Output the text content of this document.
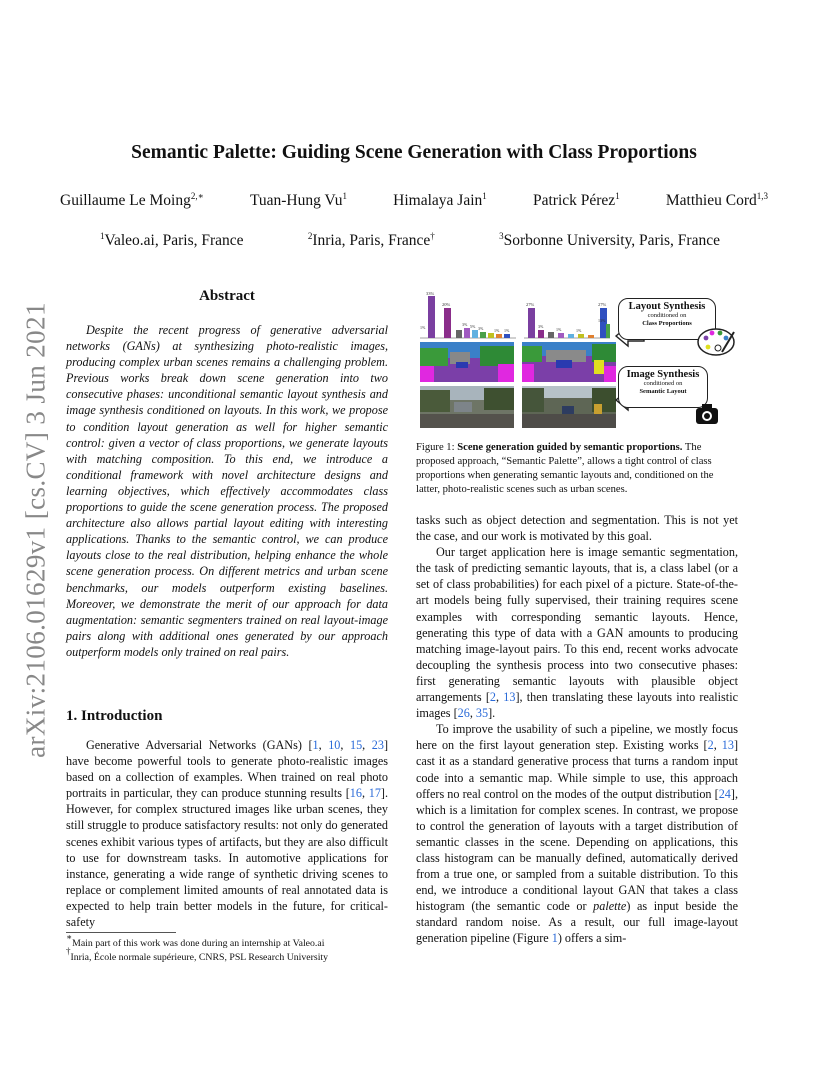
arXiv:2106.01629v1 [cs.CV] 3 Jun 2021
Semantic Palette: Guiding Scene Generation with Class Proportions
Guillaume Le Moing$^{2,∗}$	Tuan-Hung Vu$^1$	Himalaya Jain$^1$	Patrick Pérez$^1$	Matthieu Cord$^{1,3}$
$^1$Valeo.ai, Paris, France	$^2$Inria, Paris, France†	$^3$Sorbonne University, Paris, France
Abstract
Despite the recent progress of generative adversarial networks (GANs) at synthesizing photo-realistic images, producing complex urban scenes remains a challenging problem. Previous works break down scene generation into two consecutive phases: unconditional semantic layout synthesis and image synthesis conditioned on layouts. In this work, we propose to condition layout generation as well for higher semantic control: given a vector of class proportions, we generate layouts with matching composition. To this end, we introduce a conditional framework with novel architecture designs and learning objectives, which effectively accommodates class proportions to guide the scene generation process. The proposed architecture also allows partial layout editing with interesting applications. Thanks to the semantic control, we can produce layouts close to the real distribution, helping enhance the whole scene generation process. On different metrics and urban scene benchmarks, our models outperform existing baselines. Moreover, we demonstrate the merit of our approach for data augmentation: semantic segmenters trained on real layout-image pairs along with additional ones generated by our approach outperform models only trained on real pairs.
1. Introduction
Generative Adversarial Networks (GANs) [1, 10, 15, 23] have become powerful tools to generate photo-realistic images based on a collection of examples. When trained on real photo portraits in particular, they can produce stunning results [16, 17]. However, for complex structured images like urban scenes, they still struggle to produce satisfactory results: not only do generated scenes exhibit various types of artifacts, but they are also difficult to use for downstream tasks. In automotive applications for instance, generating a wide range of synthetic driving scenes to replace or complement limited amounts of real annotated data is expected to help train better models in the future, for critical-safety
∗Main part of this work was done during an internship at Valeo.ai
†Inria, École normale supérieure, CNRS, PSL Research University
33%
20%
1%
3% 5% 3%	1% 1%
27%	27%
13%
3%
1%	1%
Layout Synthesis
conditioned on
Class Proportions
Image Synthesis
conditioned on
Semantic Layout
Figure 1: Scene generation guided by semantic proportions. The proposed approach, “Semantic Palette”, allows a tight control of class proportions when generating semantic layouts and, conditioned on the latter, photo-realistic scenes such as urban scenes.

tasks such as object detection and segmentation. This is not yet the case, and our work is motivated by this goal.

Our target application here is image semantic segmentation, the task of predicting semantic layouts, that is, a class label (or a set of class probabilities) for each pixel of a picture. State-of-the-art models being fully supervised, their training requires scene examples with corresponding semantic layouts. Hence, generating this type of data with a GAN amounts to producing matching image-layout pairs. To this end, recent works advocate decoupling the synthesis process into two consecutive phases: first generating semantic layouts with plausible object arrangements [2, 13], then translating these layouts into realistic images [26, 35].

To improve the usability of such a pipeline, we mostly focus here on the first layout generation step. Existing works [2, 13] cast it as a standard generative process that turns a random input code into a semantic map. While simple to use, this approach offers no real control on the modes of the output distribution [24], which is a limitation for complex scenes. In contrast, we propose to control the generation of layouts with a target distribution of semantic classes in the scene. Depending on applications, this class histogram can be manually defined, automatically derived from a true one, or sampled from a suitable distribution. To this end, we introduce a conditional layout GAN that takes a class histogram (the semantic code or palette) as input beside the standard random noise. As a result, our full image-layout generation pipeline (Figure 1) offers a sim-
